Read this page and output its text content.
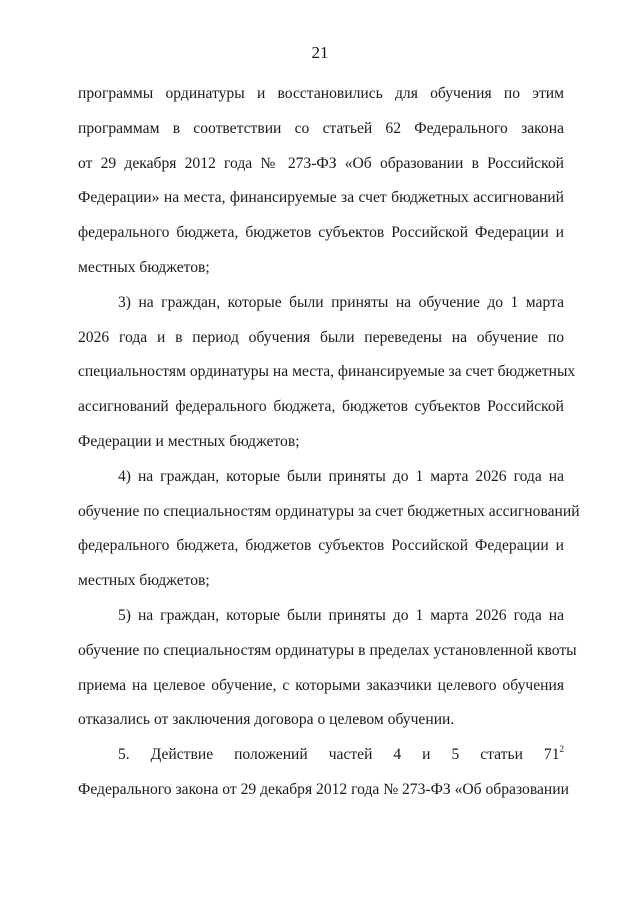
21
программы ординатуры и восстановились для обучения по этим
программам в соответствии со статьей 62 Федерального закона
от 29 декабря 2012 года № 273-ФЗ «Об образовании в Российской
Федерации» на места, финансируемые за счет бюджетных ассигнований
федерального бюджета, бюджетов субъектов Российской Федерации и
местных бюджетов;
3) на граждан, которые были приняты на обучение до 1 марта
2026 года и в период обучения были переведены на обучение по
специальностям ординатуры на места, финансируемые за счет бюджетных
ассигнований федерального бюджета, бюджетов субъектов Российской
Федерации и местных бюджетов;
4) на граждан, которые были приняты до 1 марта 2026 года на
обучение по специальностям ординатуры за счет бюджетных ассигнований
федерального бюджета, бюджетов субъектов Российской Федерации и
местных бюджетов;
5) на граждан, которые были приняты до 1 марта 2026 года на
обучение по специальностям ординатуры в пределах установленной квоты
приема на целевое обучение, с которыми заказчики целевого обучения
отказались от заключения договора о целевом обучении.
5. Действие положений частей 4 и 5 статьи $71^2$
Федерального закона от 29 декабря 2012 года № 273-ФЗ «Об образовании
